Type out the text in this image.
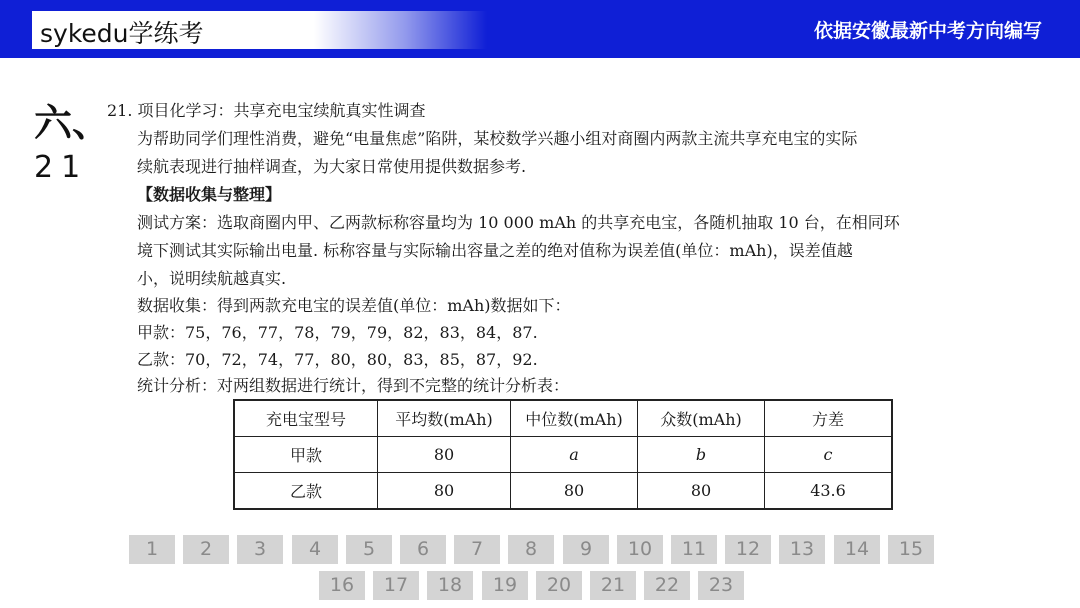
sykedu学练考	依据安徽最新中考方向编写
六、
21
21. 项目化学习：共享充电宝续航真实性调查
为帮助同学们理性消费，避免“电量焦虑”陷阱，某校数学兴趣小组对商圈内两款主流共享充电宝的实际
续航表现进行抽样调查，为大家日常使用提供数据参考.
【数据收集与整理】
测试方案：选取商圈内甲、乙两款标称容量均为 10 000 mAh 的共享充电宝，各随机抽取 10 台，在相同环
境下测试其实际输出电量. 标称容量与实际输出容量之差的绝对值称为误差值(单位：mAh)，误差值越
小，说明续航越真实.
数据收集：得到两款充电宝的误差值(单位：mAh)数据如下：
甲款：75，76，77，78，79，79，82，83，84，87.
乙款：70，72，74，77，80，80，83，85，87，92.
统计分析：对两组数据进行统计，得到不完整的统计分析表：
充电宝型号	平均数(mAh)	中位数(mAh)	众数(mAh)	方差
甲款	80	a	b	c
乙款	80	80	80	43.6
1	2	3	4	5	6	7	8	9	10	11	12	13	14	15
16	17	18	19	20	21	22	23
